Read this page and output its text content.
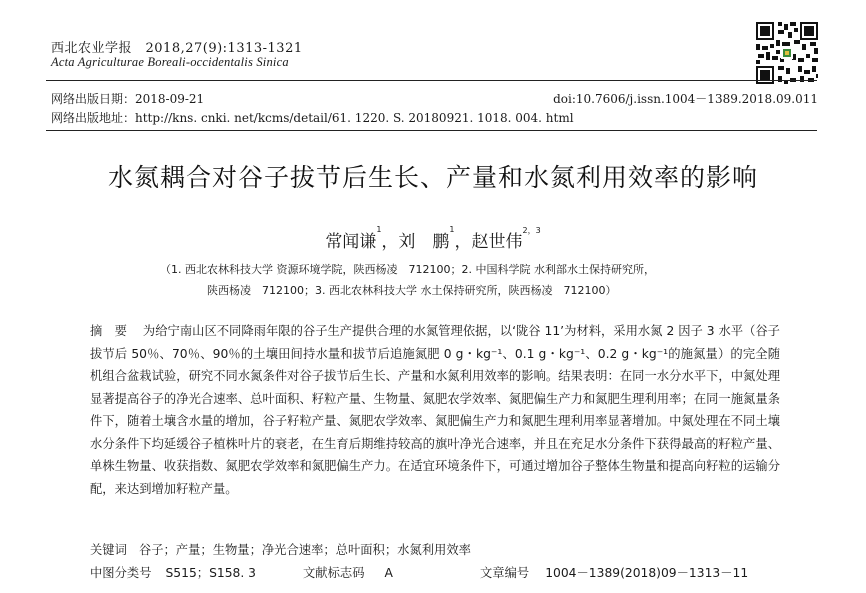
西北农业学报　2018,27(9):1313-1321
Acta Agriculturae Boreali-occidentalis Sinica
网络出版日期：2018-09-21	doi:10.7606/j.issn.1004－1389.2018.09.011
网络出版地址：http://kns. cnki. net/kcms/detail/61. 1220. S. 20180921. 1018. 004. html
水氮耦合对谷子拔节后生长、产量和水氮利用效率的影响
常闻谦$^1$，刘　鹏$^1$，赵世伟$^{2,3}$
（1. 西北农林科技大学 资源环境学院，陕西杨凌　712100；2. 中国科学院 水利部水土保持研究所，
陕西杨凌　712100；3. 西北农林科技大学 水土保持研究所，陕西杨凌　712100）
摘　要 为给宁南山区不同降雨年限的谷子生产提供合理的水氮管理依据，以‘陇谷 11’为材料，采用水氮 2 因子 3 水平（谷子拔节后 50％、70％、90％的土壤田间持水量和拔节后追施氮肥 0 g・kg⁻¹、0.1 g・kg⁻¹、0.2 g・kg⁻¹的施氮量）的完全随机组合盆栽试验，研究不同水氮条件对谷子拔节后生长、产量和水氮利用效率的影响。结果表明：在同一水分水平下，中氮处理显著提高谷子的净光合速率、总叶面积、籽粒产量、生物量、氮肥农学效率、氮肥偏生产力和氮肥生理利用率；在同一施氮量条件下，随着土壤含水量的增加，谷子籽粒产量、氮肥农学效率、氮肥偏生产力和氮肥生理利用率显著增加。中氮处理在不同土壤水分条件下均延缓谷子植株叶片的衰老，在生育后期维持较高的旗叶净光合速率，并且在充足水分条件下获得最高的籽粒产量、单株生物量、收获指数、氮肥农学效率和氮肥偏生产力。在适宜环境条件下，可通过增加谷子整体生物量和提高向籽粒的运输分配，来达到增加籽粒产量。
关键词 谷子；产量；生物量；净光合速率；总叶面积；水氮利用效率
中图分类号 S515；S158. 3	文献标志码 A	文章编号 1004－1389(2018)09－1313－11
